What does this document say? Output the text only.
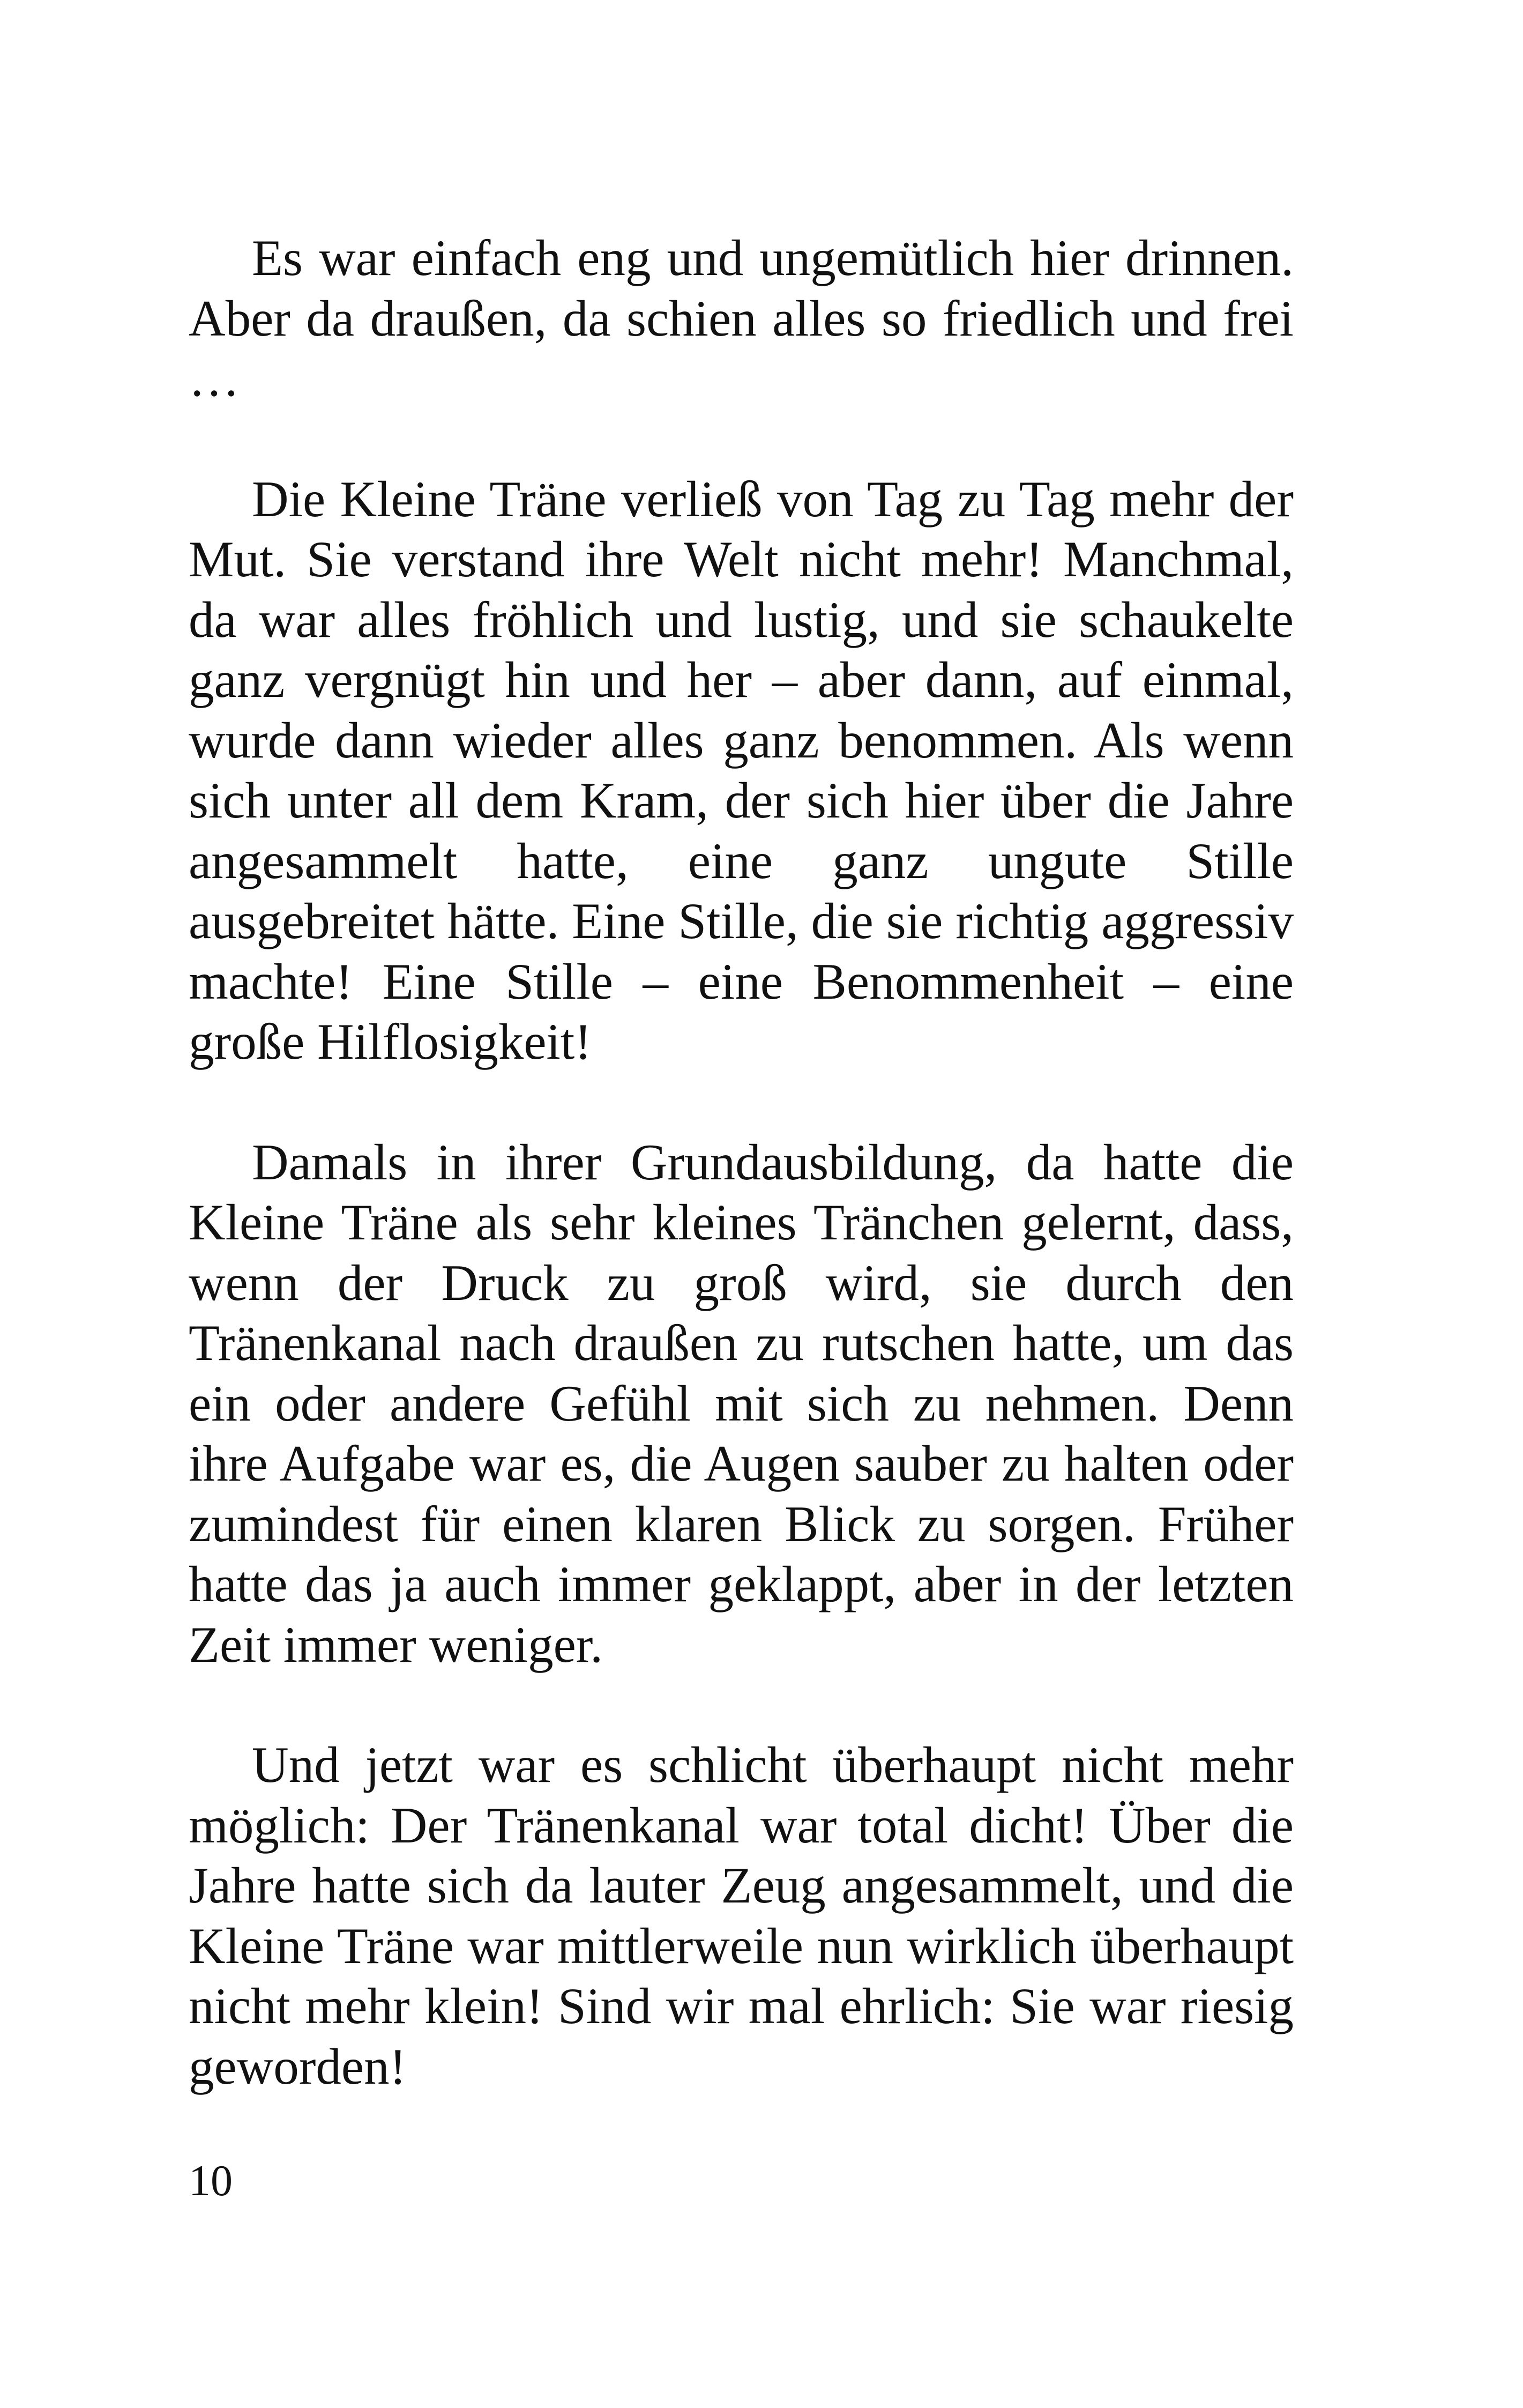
Es war einfach eng und ungemütlich hier drinnen. Aber da draußen, da schien alles so friedlich und frei …

Die Kleine Träne verließ von Tag zu Tag mehr der Mut. Sie verstand ihre Welt nicht mehr! Manchmal, da war alles fröhlich und lustig, und sie schaukelte ganz vergnügt hin und her – aber dann, auf einmal, wurde dann wieder alles ganz benommen. Als wenn sich unter all dem Kram, der sich hier über die Jahre angesammelt hatte, eine ganz ungute Stille ausgebreitet hätte. Eine Stille, die sie richtig aggressiv machte! Eine Stille – eine Benommenheit – eine große Hilflosigkeit!

Damals in ihrer Grundausbildung, da hatte die Kleine Träne als sehr kleines Tränchen gelernt, dass, wenn der Druck zu groß wird, sie durch den Tränenkanal nach draußen zu rutschen hatte, um das ein oder andere Gefühl mit sich zu nehmen. Denn ihre Aufgabe war es, die Augen sauber zu halten oder zumindest für einen klaren Blick zu sorgen. Früher hatte das ja auch immer geklappt, aber in der letzten Zeit immer weniger.

Und jetzt war es schlicht überhaupt nicht mehr möglich: Der Tränenkanal war total dicht! Über die Jahre hatte sich da lauter Zeug angesammelt, und die Kleine Träne war mittlerweile nun wirklich überhaupt nicht mehr klein! Sind wir mal ehrlich: Sie war riesig geworden!

10
